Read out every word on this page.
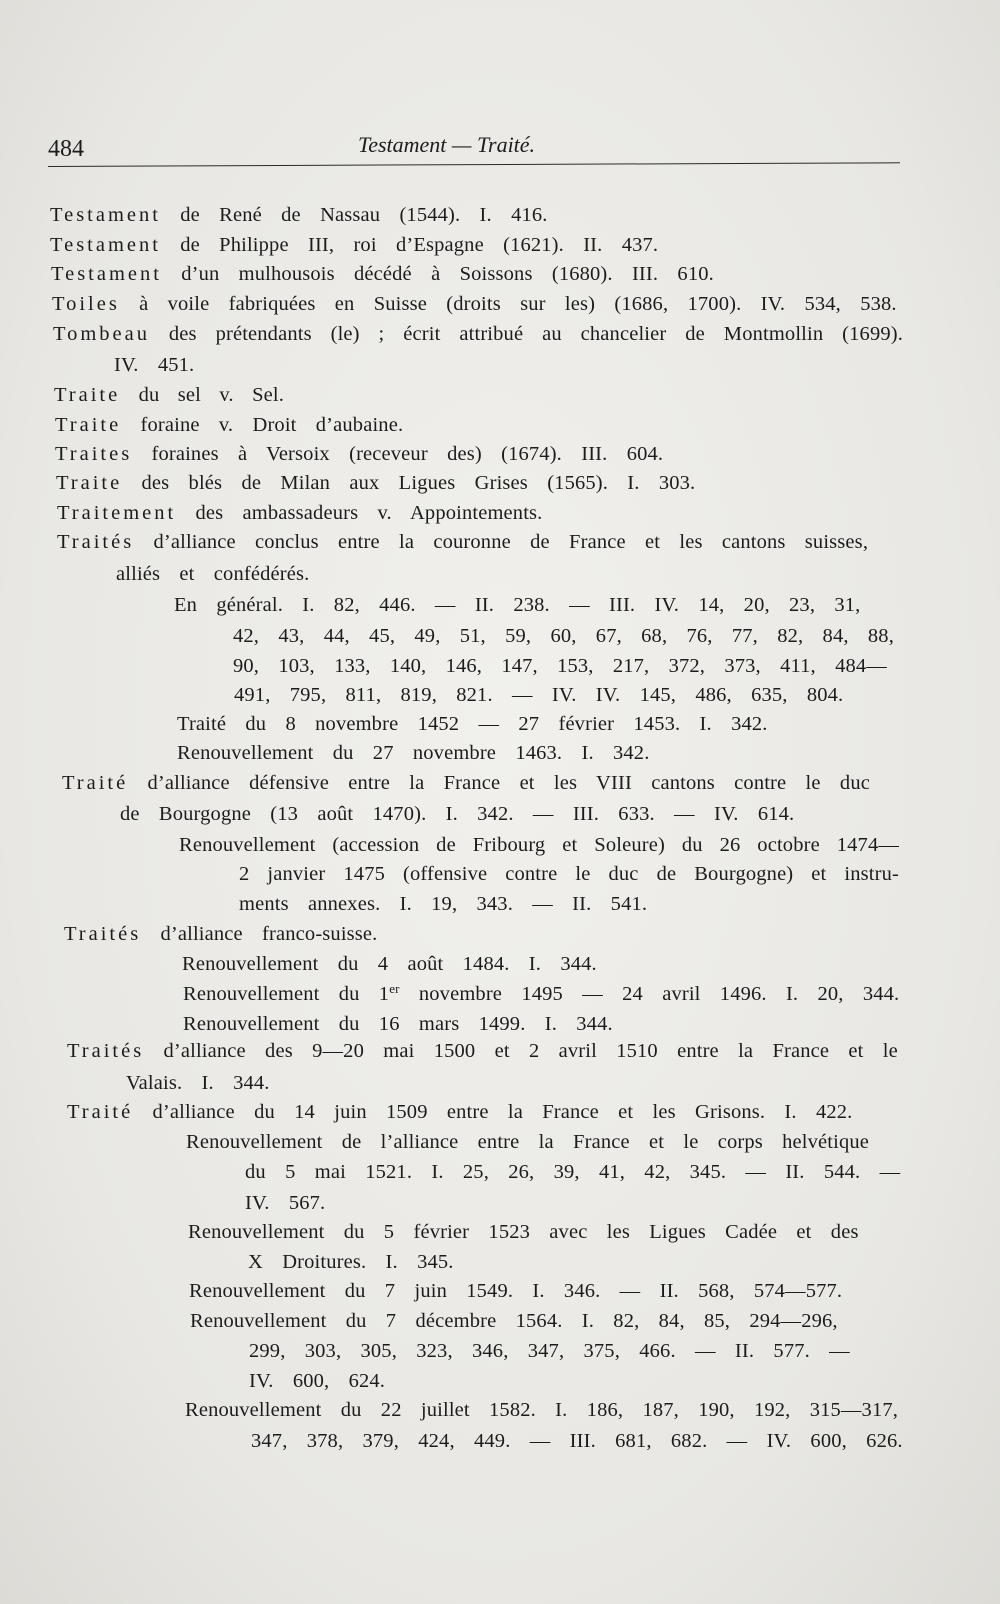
484	Testament — Traité.
Testament de René de Nassau (1544). I. 416.
Testament de Philippe III, roi d’Espagne (1621). II. 437.
Testament d’un mulhousois décédé à Soissons (1680). III. 610.
Toiles à voile fabriquées en Suisse (droits sur les) (1686, 1700). IV. 534, 538.
Tombeau des prétendants (le) ; écrit attribué au chancelier de Montmollin (1699).
IV. 451.
Traite du sel v. Sel.
Traite foraine v. Droit d’aubaine.
Traites foraines à Versoix (receveur des) (1674). III. 604.
Traite des blés de Milan aux Ligues Grises (1565). I. 303.
Traitement des ambassadeurs v. Appointements.
Traités d’alliance conclus entre la couronne de France et les cantons suisses,
alliés et confédérés.
En général. I. 82, 446. — II. 238. — III. IV. 14, 20, 23, 31,
42, 43, 44, 45, 49, 51, 59, 60, 67, 68, 76, 77, 82, 84, 88,
90, 103, 133, 140, 146, 147, 153, 217, 372, 373, 411, 484—
491, 795, 811, 819, 821. — IV. IV. 145, 486, 635, 804.
Traité du 8 novembre 1452 — 27 février 1453. I. 342.
Renouvellement du 27 novembre 1463. I. 342.
Traité d’alliance défensive entre la France et les VIII cantons contre le duc
de Bourgogne (13 août 1470). I. 342. — III. 633. — IV. 614.
Renouvellement (accession de Fribourg et Soleure) du 26 octobre 1474—
2 janvier 1475 (offensive contre le duc de Bourgogne) et instru-
ments annexes. I. 19, 343. — II. 541.
Traités d’alliance franco-suisse.
Renouvellement du 4 août 1484. I. 344.
Renouvellement du 1er novembre 1495 — 24 avril 1496. I. 20, 344.
Renouvellement du 16 mars 1499. I. 344.
Traités d’alliance des 9—20 mai 1500 et 2 avril 1510 entre la France et le
Valais. I. 344.
Traité d’alliance du 14 juin 1509 entre la France et les Grisons. I. 422.
Renouvellement de l’alliance entre la France et le corps helvétique
du 5 mai 1521. I. 25, 26, 39, 41, 42, 345. — II. 544. —
IV. 567.
Renouvellement du 5 février 1523 avec les Ligues Cadée et des
X Droitures. I. 345.
Renouvellement du 7 juin 1549. I. 346. — II. 568, 574—577.
Renouvellement du 7 décembre 1564. I. 82, 84, 85, 294—296,
299, 303, 305, 323, 346, 347, 375, 466. — II. 577. —
IV. 600, 624.
Renouvellement du 22 juillet 1582. I. 186, 187, 190, 192, 315—317,
347, 378, 379, 424, 449. — III. 681, 682. — IV. 600, 626.
